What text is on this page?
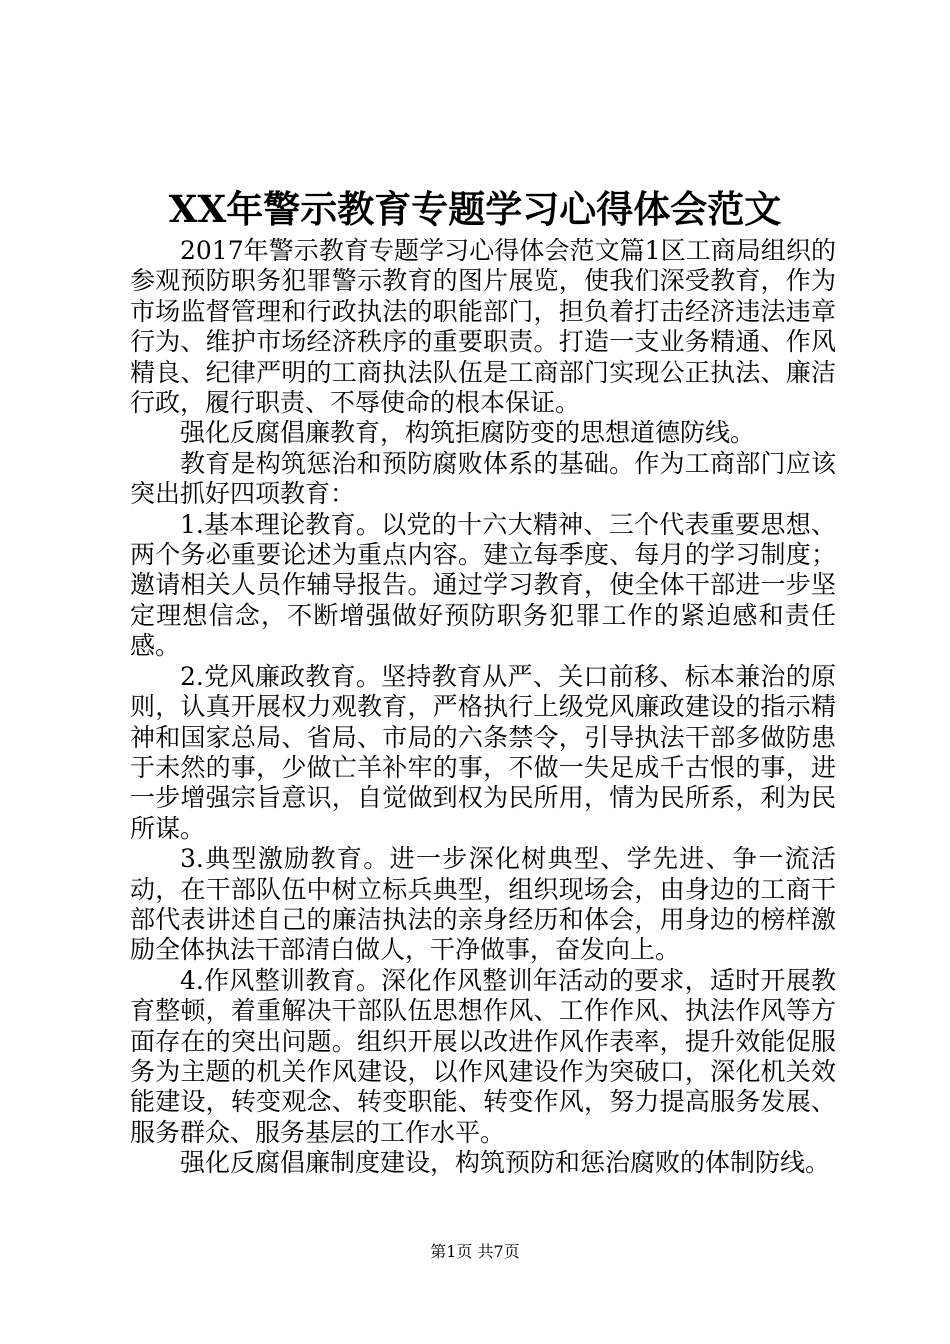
XX年警示教育专题学习心得体会范文

2017年警示教育专题学习心得体会范文篇1区工商局组织的参观预防职务犯罪警示教育的图片展览，使我们深受教育，作为市场监督管理和行政执法的职能部门，担负着打击经济违法违章行为、维护市场经济秩序的重要职责。打造一支业务精通、作风精良、纪律严明的工商执法队伍是工商部门实现公正执法、廉洁行政，履行职责、不辱使命的根本保证。

强化反腐倡廉教育，构筑拒腐防变的思想道德防线。

教育是构筑惩治和预防腐败体系的基础。作为工商部门应该突出抓好四项教育：

1.基本理论教育。以党的十六大精神、三个代表重要思想、两个务必重要论述为重点内容。建立每季度、每月的学习制度；邀请相关人员作辅导报告。通过学习教育，使全体干部进一步坚定理想信念，不断增强做好预防职务犯罪工作的紧迫感和责任感。

2.党风廉政教育。坚持教育从严、关口前移、标本兼治的原则，认真开展权力观教育，严格执行上级党风廉政建设的指示精神和国家总局、省局、市局的六条禁令，引导执法干部多做防患于未然的事，少做亡羊补牢的事，不做一失足成千古恨的事，进一步增强宗旨意识，自觉做到权为民所用，情为民所系，利为民所谋。

3.典型激励教育。进一步深化树典型、学先进、争一流活动，在干部队伍中树立标兵典型，组织现场会，由身边的工商干部代表讲述自己的廉洁执法的亲身经历和体会，用身边的榜样激励全体执法干部清白做人，干净做事，奋发向上。

4.作风整训教育。深化作风整训年活动的要求，适时开展教育整顿，着重解决干部队伍思想作风、工作作风、执法作风等方面存在的突出问题。组织开展以改进作风作表率，提升效能促服务为主题的机关作风建设，以作风建设作为突破口，深化机关效能建设，转变观念、转变职能、转变作风，努力提高服务发展、服务群众、服务基层的工作水平。

强化反腐倡廉制度建设，构筑预防和惩治腐败的体制防线。

第1页 共7页
